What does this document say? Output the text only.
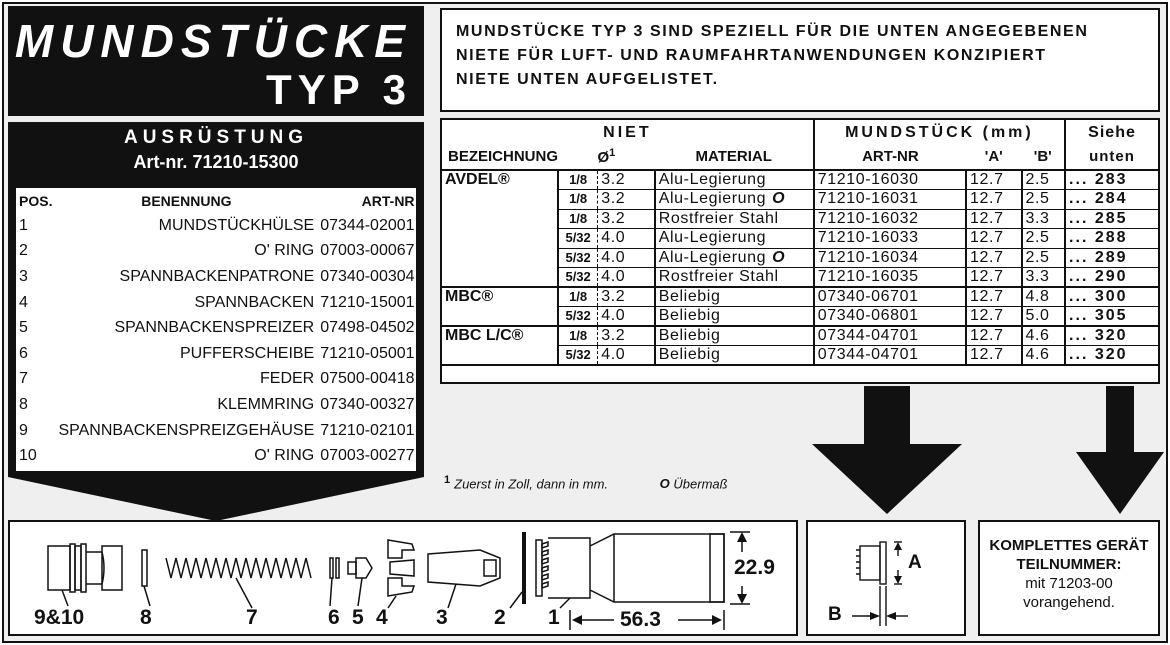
MUNDSTÜCKE
TYP 3
MUNDSTÜCKE TYP 3 SIND SPEZIELL FÜR DIE UNTEN ANGEGEBENEN
NIETE FÜR LUFT- UND RAUMFAHRTANWENDUNGEN KONZIPIERT
NIETE UNTEN AUFGELISTET.
AUSRÜSTUNG
Art-nr. 71210-15300
POS.	BENENNUNG	ART-NR
1	MUNDSTÜCKHÜLSE	07344-02001
2	O' RING	07003-00067
3	SPANNBACKENPATRONE	07340-00304
4	SPANNBACKEN	71210-15001
5	SPANNBACKENSPREIZER	07498-04502
6	PUFFERSCHEIBE	71210-05001
7	FEDER	07500-00418
8	KLEMMRING	07340-00327
9	SPANNBACKENSPREIZGEHÄUSE	71210-02101
10	O' RING	07003-00277
NIET				MUNDSTÜCK (mm)			Siehe
BEZEICHNUNG	$Ø^1$		MATERIAL	ART-NR	'A'	'B'	unten
AVDEL®	1/8	3.2	Alu-Legierung	71210-16030	12.7	2.5	... 283
	1/8	3.2	Alu-Legierung O	71210-16031	12.7	2.5	... 284
	1/8	3.2	Rostfreier Stahl	71210-16032	12.7	3.3	... 285
	5/32	4.0	Alu-Legierung	71210-16033	12.7	2.5	... 288
	5/32	4.0	Alu-Legierung O	71210-16034	12.7	2.5	... 289
	5/32	4.0	Rostfreier Stahl	71210-16035	12.7	3.3	... 290
MBC®	1/8	3.2	Beliebig	07340-06701	12.7	4.8	... 300
	5/32	4.0	Beliebig	07340-06801	12.7	5.0	... 305
MBC L/C®	1/8	3.2	Beliebig	07344-04701	12.7	4.6	... 320
	5/32	4.0	Beliebig	07344-04701	12.7	4.6	... 320
$^1$ Zuerst in Zoll, dann in mm.	O Übermaß
9&10	8	7	6 5 4 3 2 1
22.9
56.3
A
B
KOMPLETTES GERÄT
TEILNUMMER:
mit 71203-00
vorangehend.
